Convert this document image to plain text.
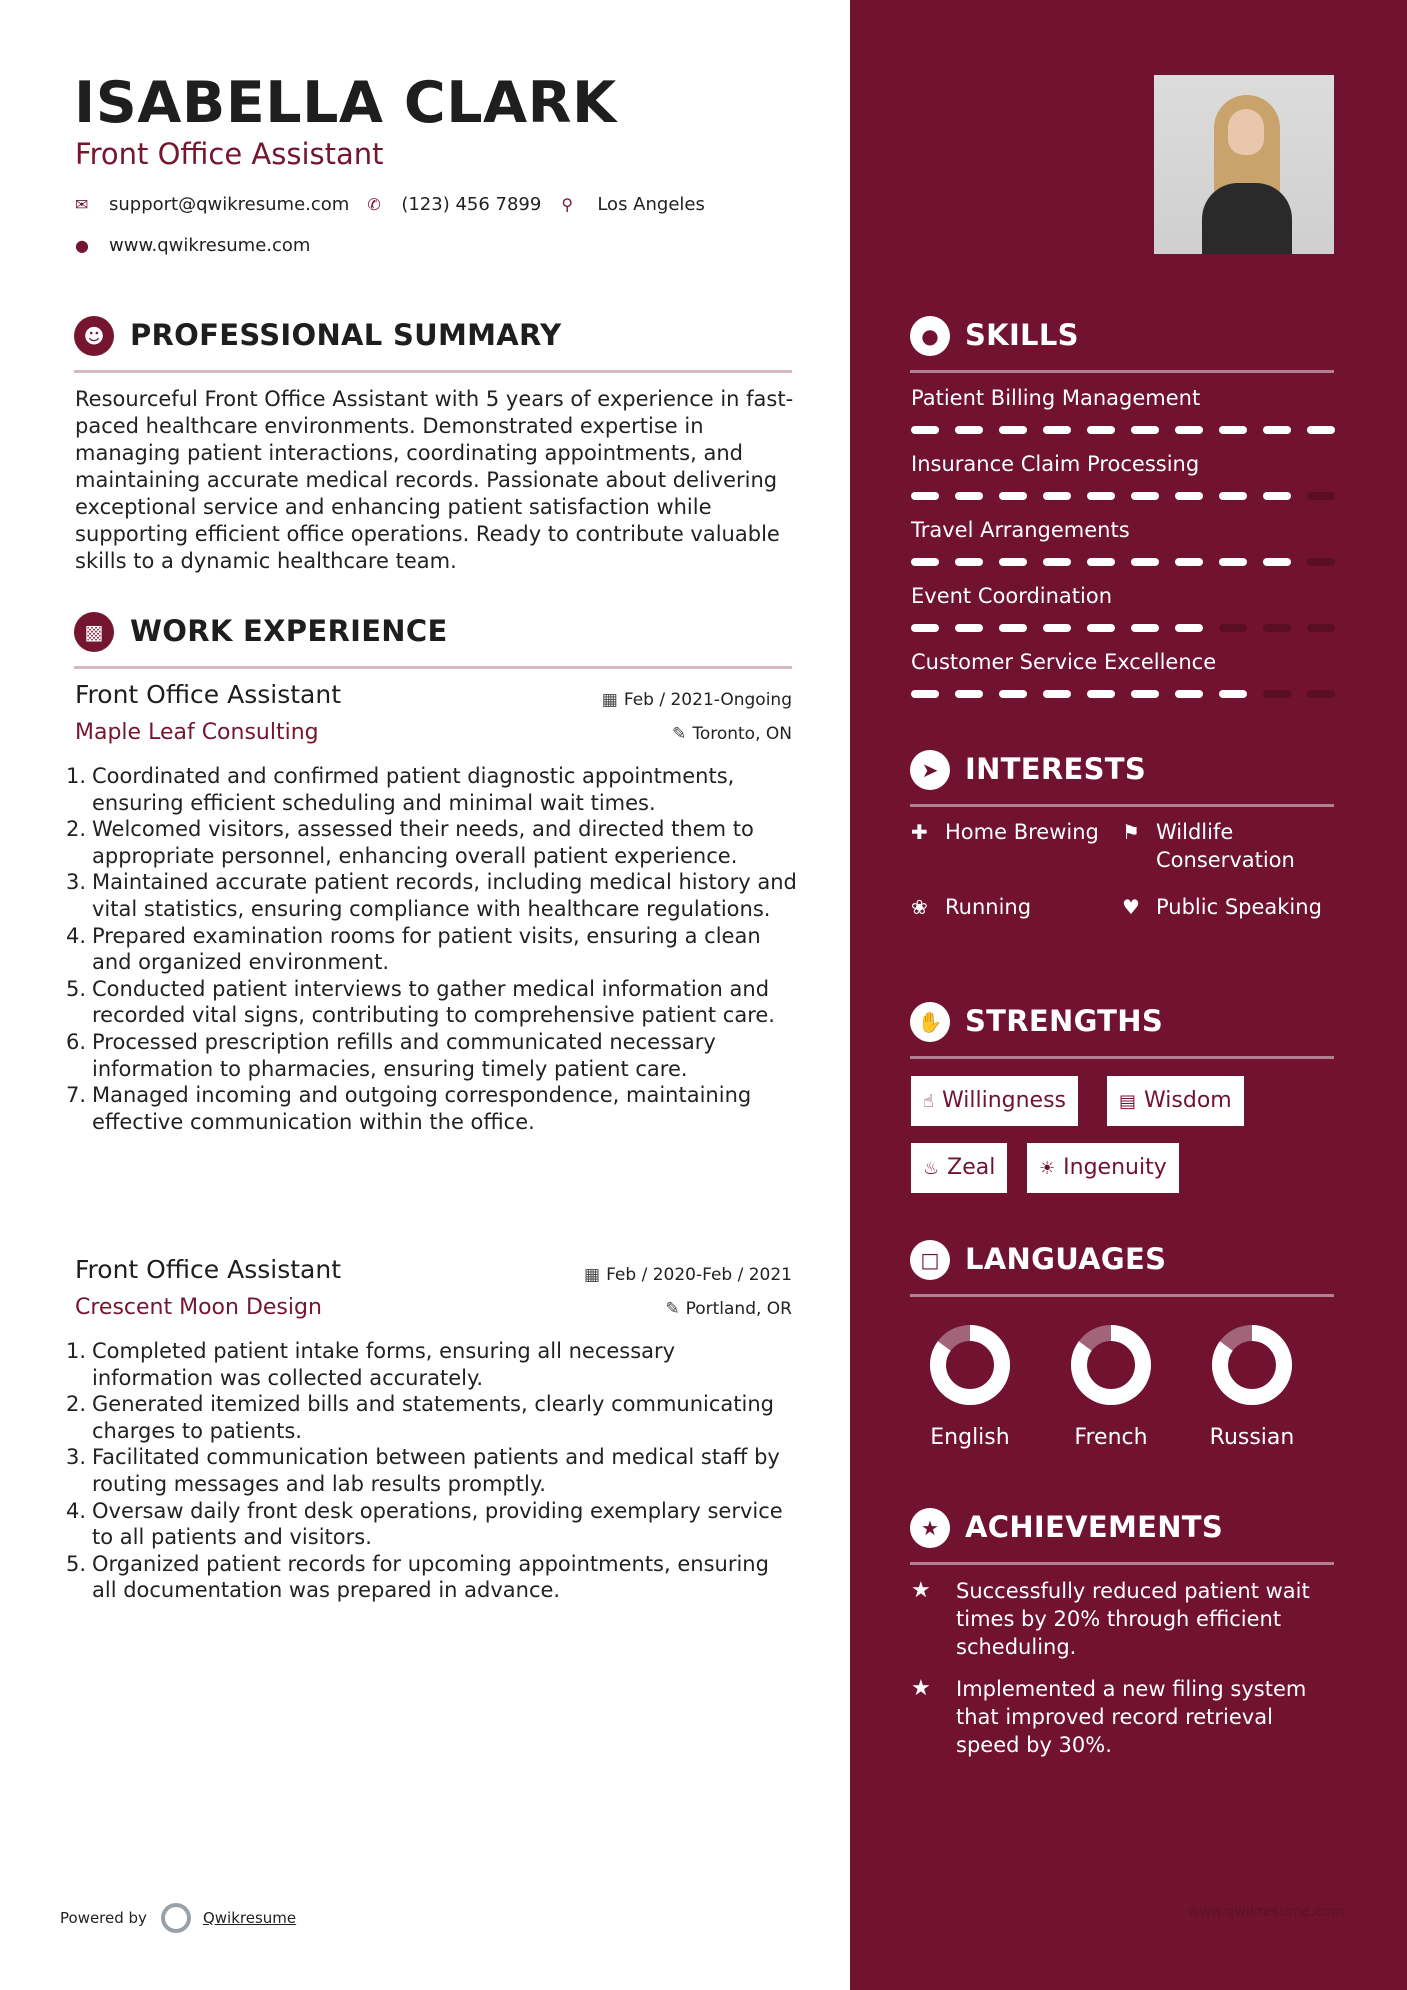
ISABELLA CLARK
Front Office Assistant
✉	support@qwikresume.com ✆	(123) 456 7899 ⚲	Los Angeles
●	www.qwikresume.com
☻ PROFESSIONAL SUMMARY
Resourceful Front Office Assistant with 5 years of experience in fast-paced healthcare environments. Demonstrated expertise in managing patient interactions, coordinating appointments, and maintaining accurate medical records. Passionate about delivering exceptional service and enhancing patient satisfaction while supporting efficient office operations. Ready to contribute valuable skills to a dynamic healthcare team.
▩ WORK EXPERIENCE
Front Office Assistant	▦ Feb / 2021-Ongoing
Maple Leaf Consulting	✎ Toronto, ON
1. Coordinated and confirmed patient diagnostic appointments, ensuring efficient scheduling and minimal wait times.
2. Welcomed visitors, assessed their needs, and directed them to appropriate personnel, enhancing overall patient experience.
3. Maintained accurate patient records, including medical history and vital statistics, ensuring compliance with healthcare regulations.
4. Prepared examination rooms for patient visits, ensuring a clean and organized environment.
5. Conducted patient interviews to gather medical information and recorded vital signs, contributing to comprehensive patient care.
6. Processed prescription refills and communicated necessary information to pharmacies, ensuring timely patient care.
7. Managed incoming and outgoing correspondence, maintaining effective communication within the office.
Front Office Assistant	▦ Feb / 2020-Feb / 2021
Crescent Moon Design	✎ Portland, OR
1. Completed patient intake forms, ensuring all necessary information was collected accurately.
2. Generated itemized bills and statements, clearly communicating charges to patients.
3. Facilitated communication between patients and medical staff by routing messages and lab results promptly.
4. Oversaw daily front desk operations, providing exemplary service to all patients and visitors.
5. Organized patient records for upcoming appointments, ensuring all documentation was prepared in advance.
Powered by	Qwikresume
● SKILLS
Patient Billing Management
Insurance Claim Processing
Travel Arrangements
Event Coordination
Customer Service Excellence
➤ INTERESTS
✚ Home Brewing	⚑ Wildlife Conservation
❀ Running	♥ Public Speaking
✋ STRENGTHS
☝ Willingness	▤ Wisdom
♨ Zeal	☀ Ingenuity
□ LANGUAGES
English	French	Russian
★ ACHIEVEMENTS
★ Successfully reduced patient wait times by 20% through efficient scheduling.
★ Implemented a new filing system that improved record retrieval speed by 30%.
www.qwikresume.com
